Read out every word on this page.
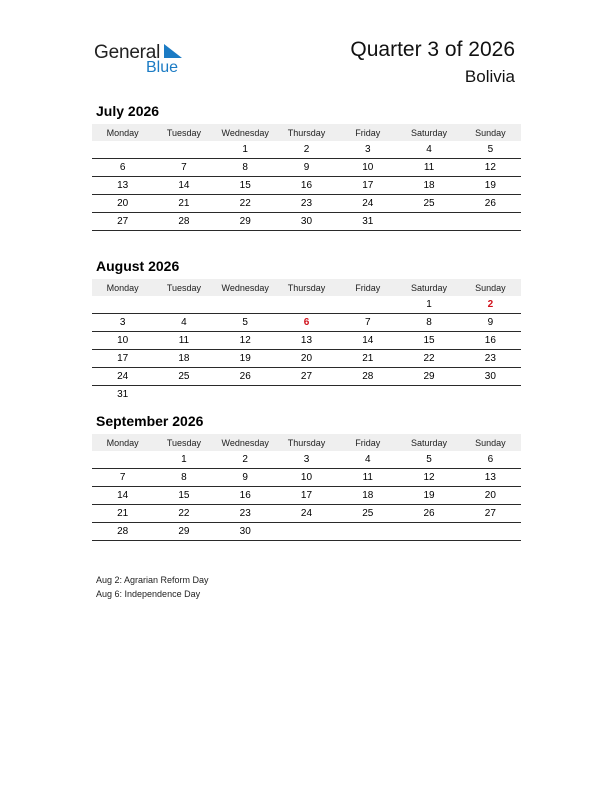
General
Blue
Quarter 3 of 2026
Bolivia
July 2026
Monday	Tuesday	Wednesday	Thursday	Friday	Saturday	Sunday
		1	2	3	4	5
6	7	8	9	10	11	12
13	14	15	16	17	18	19
20	21	22	23	24	25	26
27	28	29	30	31		
August 2026
Monday	Tuesday	Wednesday	Thursday	Friday	Saturday	Sunday
					1	2
3	4	5	6	7	8	9
10	11	12	13	14	15	16
17	18	19	20	21	22	23
24	25	26	27	28	29	30
31						
September 2026
Monday	Tuesday	Wednesday	Thursday	Friday	Saturday	Sunday
	1	2	3	4	5	6
7	8	9	10	11	12	13
14	15	16	17	18	19	20
21	22	23	24	25	26	27
28	29	30				
Aug 2: Agrarian Reform Day
Aug 6: Independence Day
